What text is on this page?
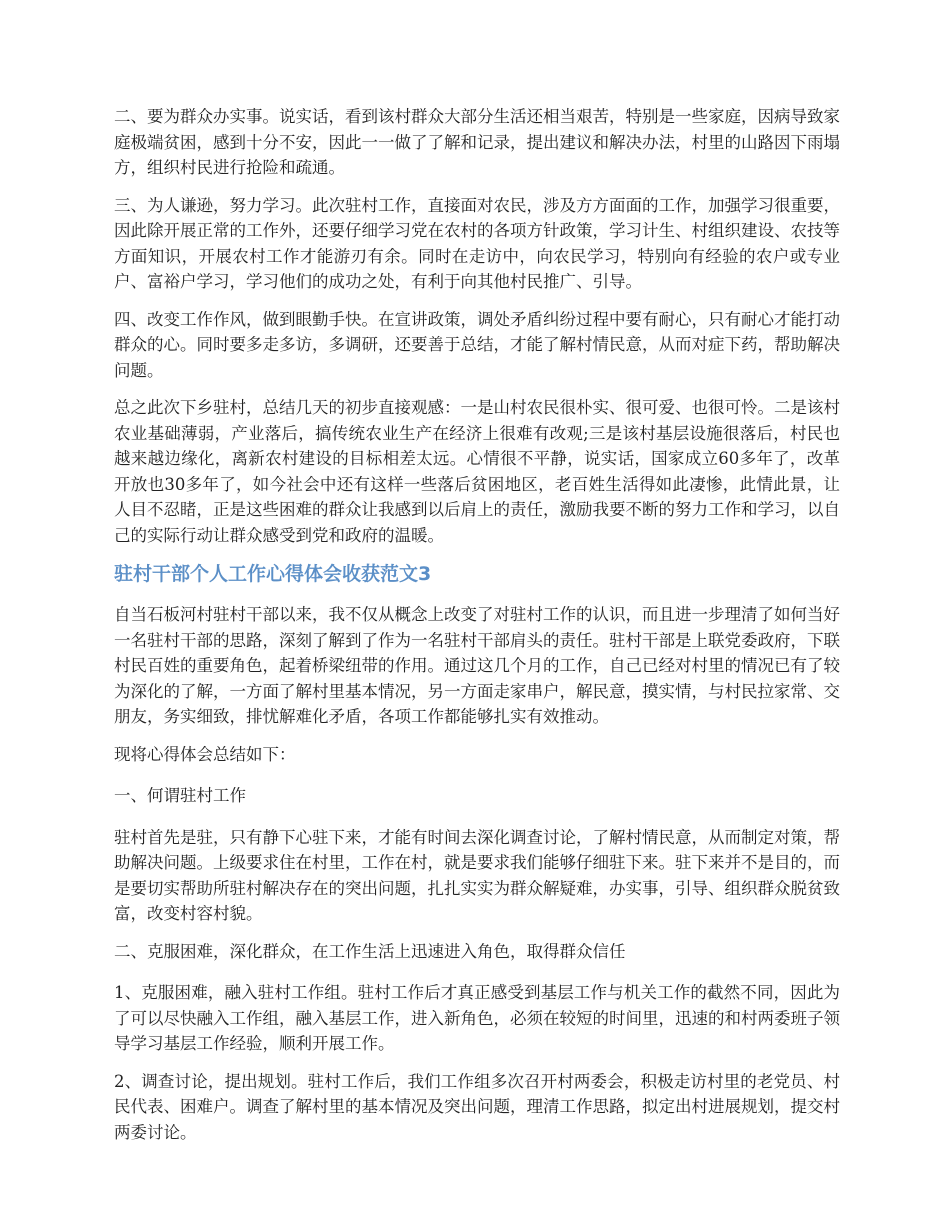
二、要为群众办实事。说实话，看到该村群众大部分生活还相当艰苦，特别是一些家庭，因病导致家庭极端贫困，感到十分不安，因此一一做了了解和记录，提出建议和解决办法，村里的山路因下雨塌方，组织村民进行抢险和疏通。

三、为人谦逊，努力学习。此次驻村工作，直接面对农民，涉及方方面面的工作，加强学习很重要，因此除开展正常的工作外，还要仔细学习党在农村的各项方针政策，学习计生、村组织建设、农技等方面知识，开展农村工作才能游刃有余。同时在走访中，向农民学习，特别向有经验的农户或专业户、富裕户学习，学习他们的成功之处，有利于向其他村民推广、引导。

四、改变工作作风，做到眼勤手快。在宣讲政策，调处矛盾纠纷过程中要有耐心，只有耐心才能打动群众的心。同时要多走多访，多调研，还要善于总结，才能了解村情民意，从而对症下药，帮助解决问题。

总之此次下乡驻村，总结几天的初步直接观感：一是山村农民很朴实、很可爱、也很可怜。二是该村农业基础薄弱，产业落后，搞传统农业生产在经济上很难有改观;三是该村基层设施很落后，村民也越来越边缘化，离新农村建设的目标相差太远。心情很不平静，说实话，国家成立60多年了，改革开放也30多年了，如今社会中还有这样一些落后贫困地区，老百姓生活得如此凄惨，此情此景，让人目不忍睹，正是这些困难的群众让我感到以后肩上的责任，激励我要不断的努力工作和学习，以自己的实际行动让群众感受到党和政府的温暖。

驻村干部个人工作心得体会收获范文3

自当石板河村驻村干部以来，我不仅从概念上改变了对驻村工作的认识，而且进一步理清了如何当好一名驻村干部的思路，深刻了解到了作为一名驻村干部肩头的责任。驻村干部是上联党委政府，下联村民百姓的重要角色，起着桥梁纽带的作用。通过这几个月的工作，自己已经对村里的情况已有了较为深化的了解，一方面了解村里基本情况，另一方面走家串户，解民意，摸实情，与村民拉家常、交朋友，务实细致，排忧解难化矛盾，各项工作都能够扎实有效推动。

现将心得体会总结如下：

一、何谓驻村工作

驻村首先是驻，只有静下心驻下来，才能有时间去深化调查讨论，了解村情民意，从而制定对策，帮助解决问题。上级要求住在村里，工作在村，就是要求我们能够仔细驻下来。驻下来并不是目的，而是要切实帮助所驻村解决存在的突出问题，扎扎实实为群众解疑难，办实事，引导、组织群众脱贫致富，改变村容村貌。

二、克服困难，深化群众，在工作生活上迅速进入角色，取得群众信任

1、克服困难，融入驻村工作组。驻村工作后才真正感受到基层工作与机关工作的截然不同，因此为了可以尽快融入工作组，融入基层工作，进入新角色，必须在较短的时间里，迅速的和村两委班子领导学习基层工作经验，顺利开展工作。

2、调查讨论，提出规划。驻村工作后，我们工作组多次召开村两委会，积极走访村里的老党员、村民代表、困难户。调查了解村里的基本情况及突出问题，理清工作思路，拟定出村进展规划，提交村两委讨论。
